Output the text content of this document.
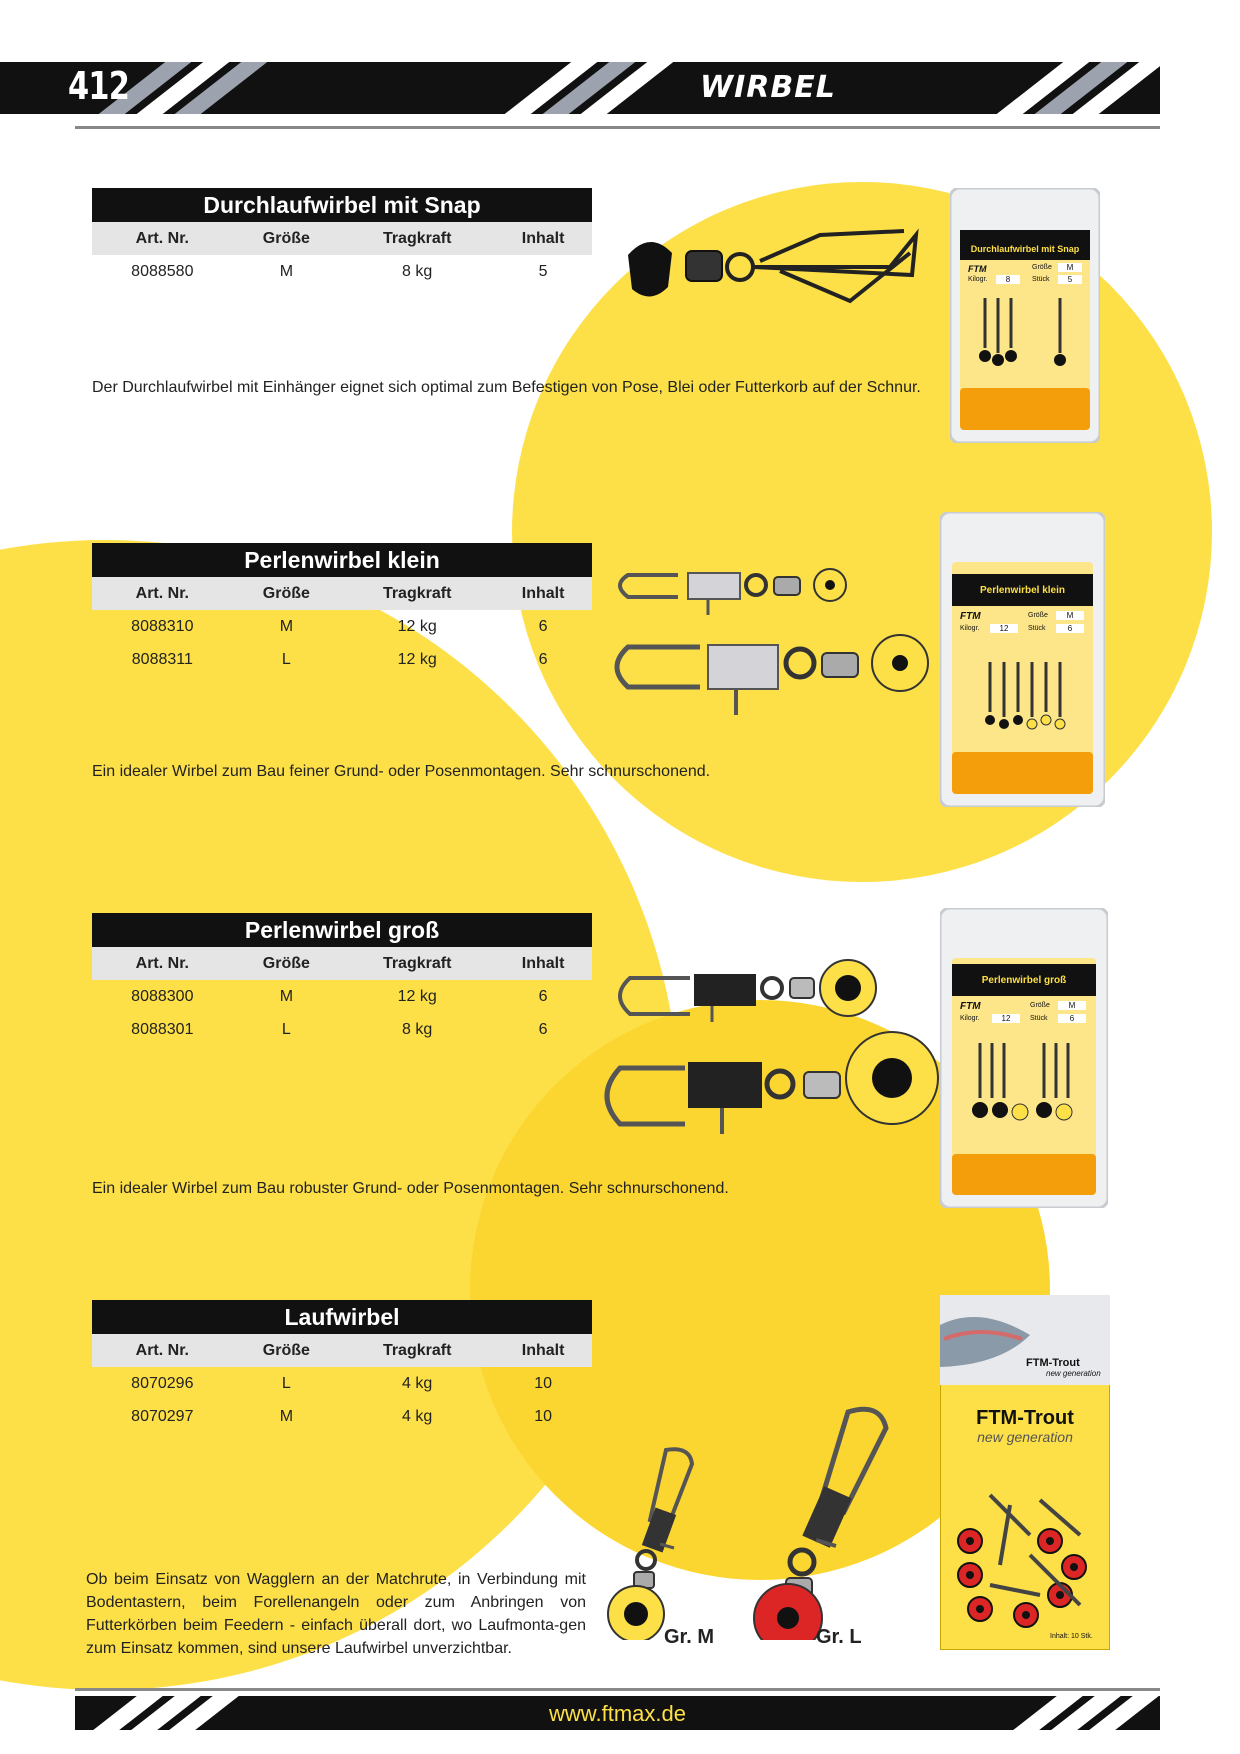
412	WIRBEL
Durchlaufwirbel mit Snap
Art. Nr.	Größe	Tragkraft	Inhalt
8088580	M	8 kg	5
Der Durchlaufwirbel mit Einhänger eignet sich optimal zum Befestigen von Pose, Blei oder Futterkorb auf der Schnur.
Durchlaufwirbel mit Snap
FTM	Größe	M
Kilogr.	8	Stück	5
Perlenwirbel klein
Art. Nr.	Größe	Tragkraft	Inhalt
8088310	M	12 kg	6
8088311	L	12 kg	6
Ein idealer Wirbel zum Bau feiner Grund- oder Posenmontagen. Sehr schnurschonend.
Perlenwirbel klein
FTM	Größe	M
Kilogr.	12	Stück	6
Perlenwirbel groß
Art. Nr.	Größe	Tragkraft	Inhalt
8088300	M	12 kg	6
8088301	L	8 kg	6
Ein idealer Wirbel zum Bau robuster Grund- oder Posenmontagen. Sehr schnurschonend.
Perlenwirbel groß
FTM	Größe	M
Kilogr.	12	Stück	6
Laufwirbel
Art. Nr.	Größe	Tragkraft	Inhalt
8070296	L	4 kg	10
8070297	M	4 kg	10
Ob beim Einsatz von Wagglern an der Matchrute, in Verbindung mit Bodentastern, beim Forellenangeln oder zum Anbringen von Futterkörben beim Feedern - einfach überall dort, wo Laufmonta-gen zum Einsatz kommen, sind unsere Laufwirbel unverzichtbar.
Gr. M	Gr. L
FTM-Trout
new generation
FTM-Trout
new generation
Inhalt: 10 Stk.
www.ftmax.de
